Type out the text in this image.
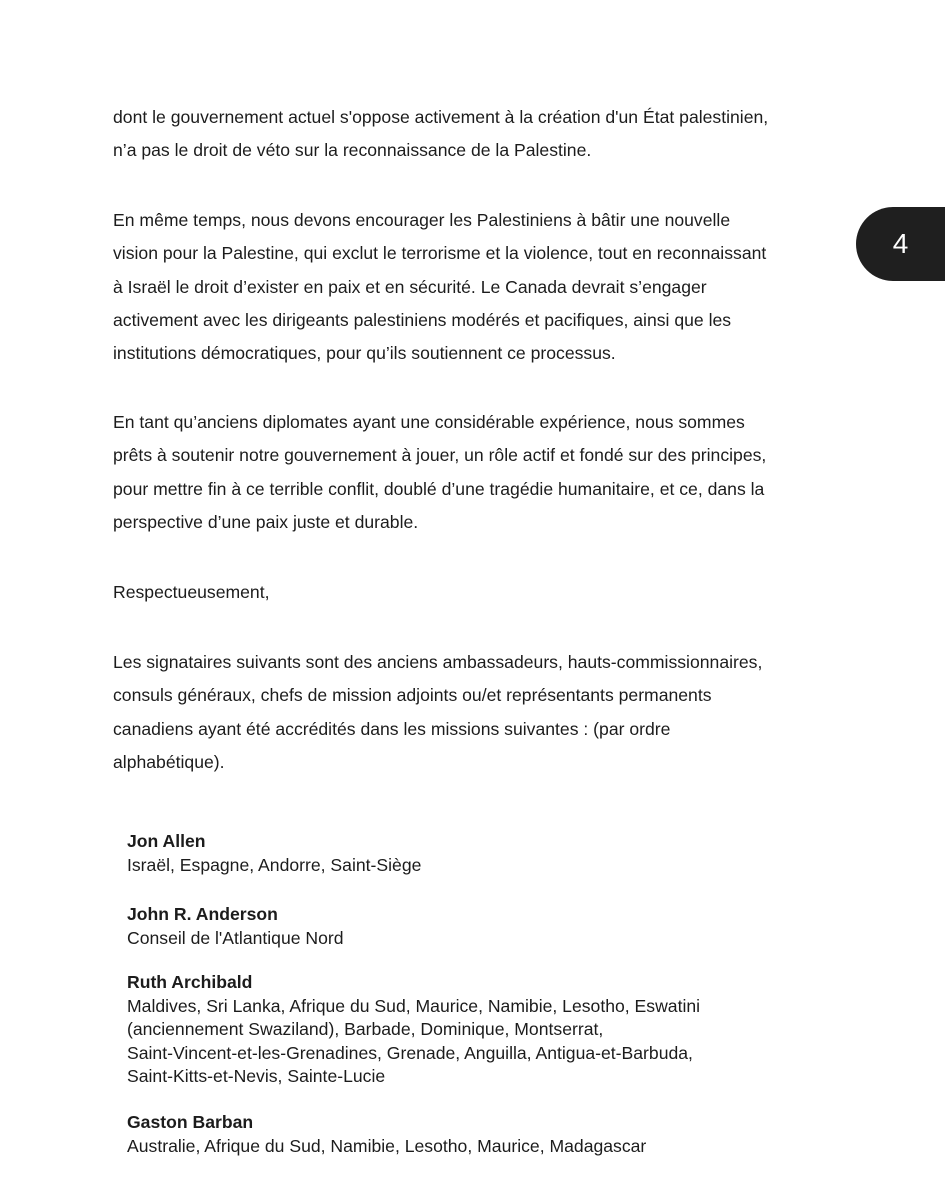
dont le gouvernement actuel s'oppose activement à la création d'un État palestinien,
n’a pas le droit de véto sur la reconnaissance de la Palestine.

En même temps, nous devons encourager les Palestiniens à bâtir une nouvelle
vision pour la Palestine, qui exclut le terrorisme et la violence, tout en reconnaissant
à Israël le droit d’exister en paix et en sécurité. Le Canada devrait s’engager
activement avec les dirigeants palestiniens modérés et pacifiques, ainsi que les
institutions démocratiques, pour qu’ils soutiennent ce processus.

En tant qu’anciens diplomates ayant une considérable expérience, nous sommes
prêts à soutenir notre gouvernement à jouer, un rôle actif et fondé sur des principes,
pour mettre fin à ce terrible conflit, doublé d’une tragédie humanitaire, et ce, dans la
perspective d’une paix juste et durable.

Respectueusement,

Les signataires suivants sont des anciens ambassadeurs, hauts-commissionnaires,
consuls généraux, chefs de mission adjoints ou/et représentants permanents
canadiens ayant été accrédités dans les missions suivantes : (par ordre
alphabétique).

Jon Allen
Israël, Espagne, Andorre, Saint-Siège
John R. Anderson
Conseil de l'Atlantique Nord
Ruth Archibald
Maldives, Sri Lanka, Afrique du Sud, Maurice, Namibie, Lesotho, Eswatini
(anciennement Swaziland), Barbade, Dominique, Montserrat,
Saint-Vincent-et-les-Grenadines, Grenade, Anguilla, Antigua-et-Barbuda,
Saint-Kitts-et-Nevis, Sainte-Lucie
Gaston Barban
Australie, Afrique du Sud, Namibie, Lesotho, Maurice, Madagascar
4
